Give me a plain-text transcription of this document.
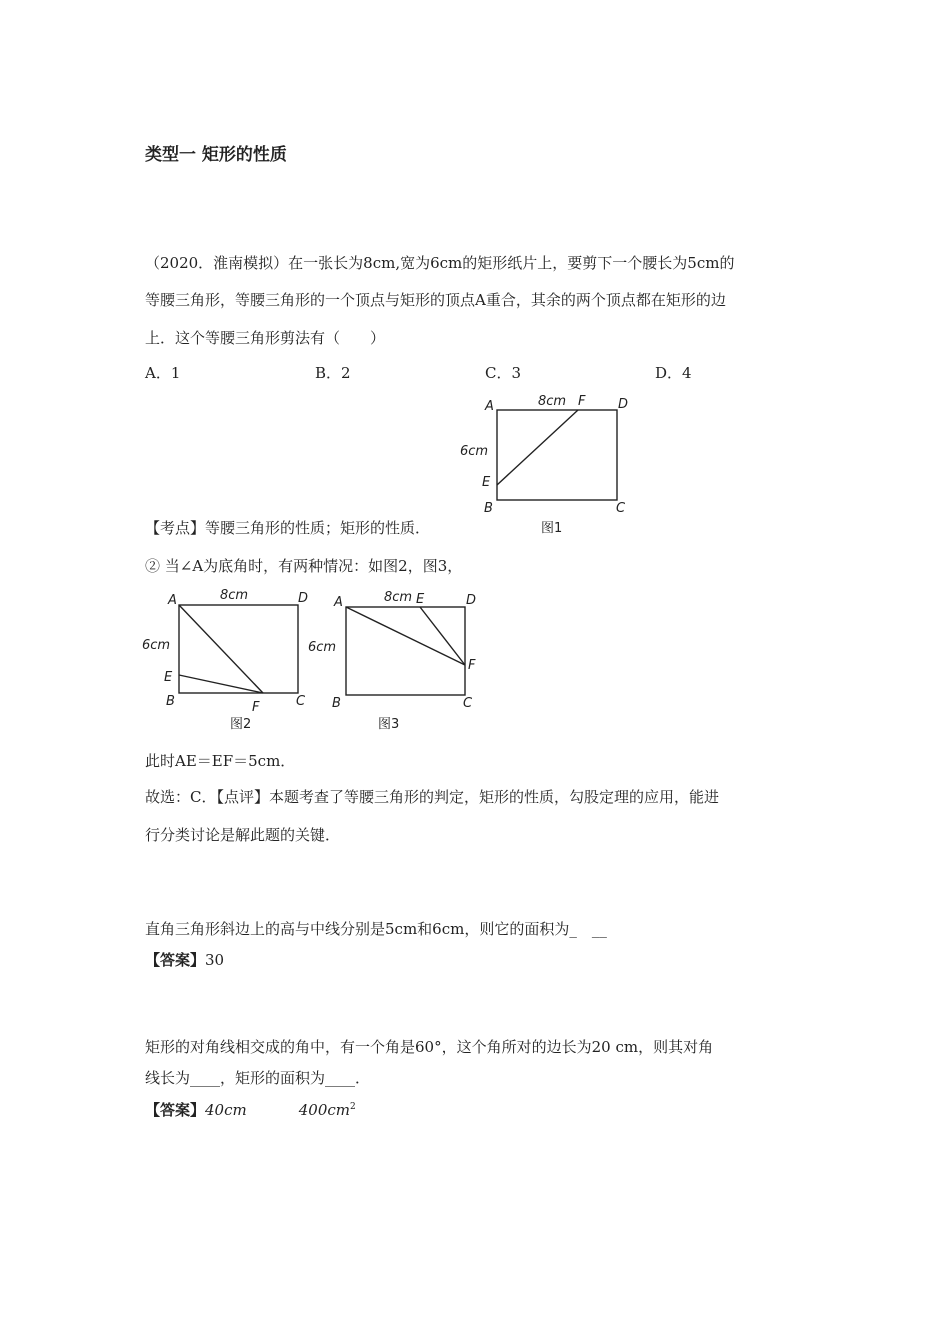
类型一 矩形的性质
（2020．淮南模拟）在一张长为8cm,宽为6cm的矩形纸片上，要剪下一个腰长为5cm的
等腰三角形，等腰三角形的一个顶点与矩形的顶点A重合，其余的两个顶点都在矩形的边
上．这个等腰三角形剪法有（　　）
A．1	B．2	C．3	D．4
A	D
B	C
E
F
8cm
6cm
图1
【考点】等腰三角形的性质；矩形的性质．
② 当∠A为底角时，有两种情况：如图2，图3，
A	D
B	C
E
F
8cm
6cm
图2
A	D
B	C
E
F
8cm
6cm
图3
此时AE＝EF＝5cm．
故选：C．【点评】本题考查了等腰三角形的判定，矩形的性质，勾股定理的应用，能进
行分类讨论是解此题的关键．
直角三角形斜边上的高与中线分别是5cm和6cm，则它的面积为_　__
【答案】30
矩形的对角线相交成的角中，有一个角是60°，这个角所对的边长为20 cm，则其对角
线长为____，矩形的面积为____．
【答案】40cm	$400cm^2$
